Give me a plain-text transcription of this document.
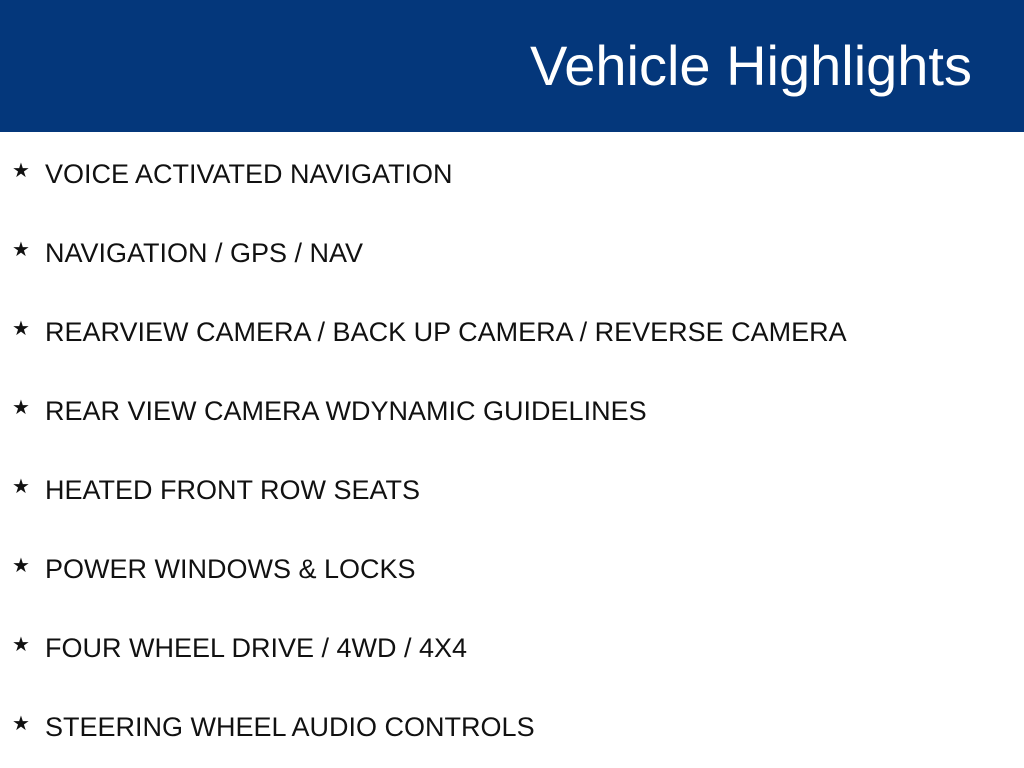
Vehicle Highlights
★ VOICE ACTIVATED NAVIGATION
★ NAVIGATION / GPS / NAV
★ REARVIEW CAMERA / BACK UP CAMERA / REVERSE CAMERA
★ REAR VIEW CAMERA WDYNAMIC GUIDELINES
★ HEATED FRONT ROW SEATS
★ POWER WINDOWS & LOCKS
★ FOUR WHEEL DRIVE / 4WD / 4X4
★ STEERING WHEEL AUDIO CONTROLS
